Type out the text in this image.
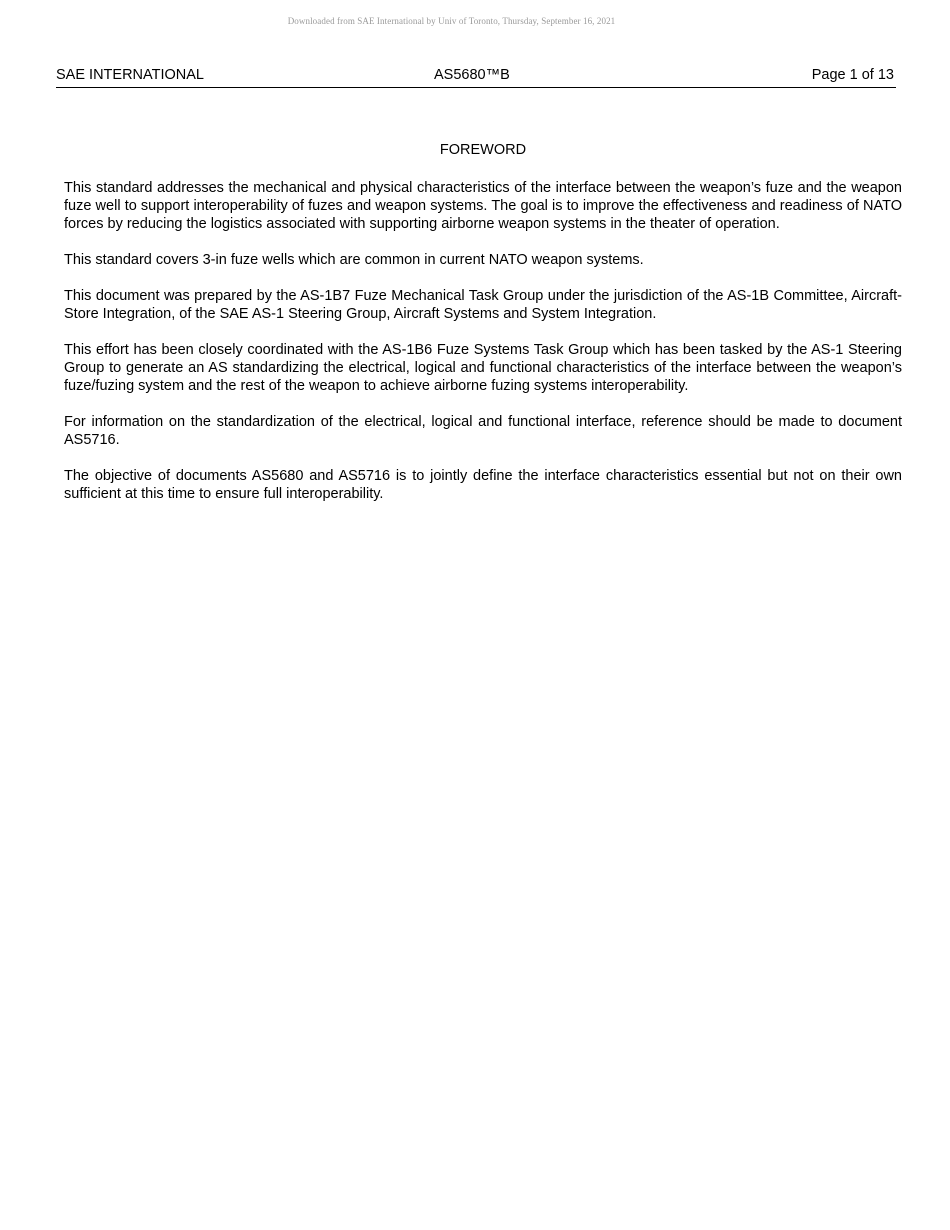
Downloaded from SAE International by Univ of Toronto, Thursday, September 16, 2021
SAE INTERNATIONAL	AS5680™B	Page 1 of 13
FOREWORD

This standard addresses the mechanical and physical characteristics of the interface between the weapon’s fuze and the weapon fuze well to support interoperability of fuzes and weapon systems. The goal is to improve the effectiveness and readiness of NATO forces by reducing the logistics associated with supporting airborne weapon systems in the theater of operation.

This standard covers 3-in fuze wells which are common in current NATO weapon systems.

This document was prepared by the AS-1B7 Fuze Mechanical Task Group under the jurisdiction of the AS-1B Committee, Aircraft-Store Integration, of the SAE AS-1 Steering Group, Aircraft Systems and System Integration.

This effort has been closely coordinated with the AS-1B6 Fuze Systems Task Group which has been tasked by the AS-1 Steering Group to generate an AS standardizing the electrical, logical and functional characteristics of the interface between the weapon’s fuze/fuzing system and the rest of the weapon to achieve airborne fuzing systems interoperability.

For information on the standardization of the electrical, logical and functional interface, reference should be made to document AS5716.

The objective of documents AS5680 and AS5716 is to jointly define the interface characteristics essential but not on their own sufficient at this time to ensure full interoperability.
